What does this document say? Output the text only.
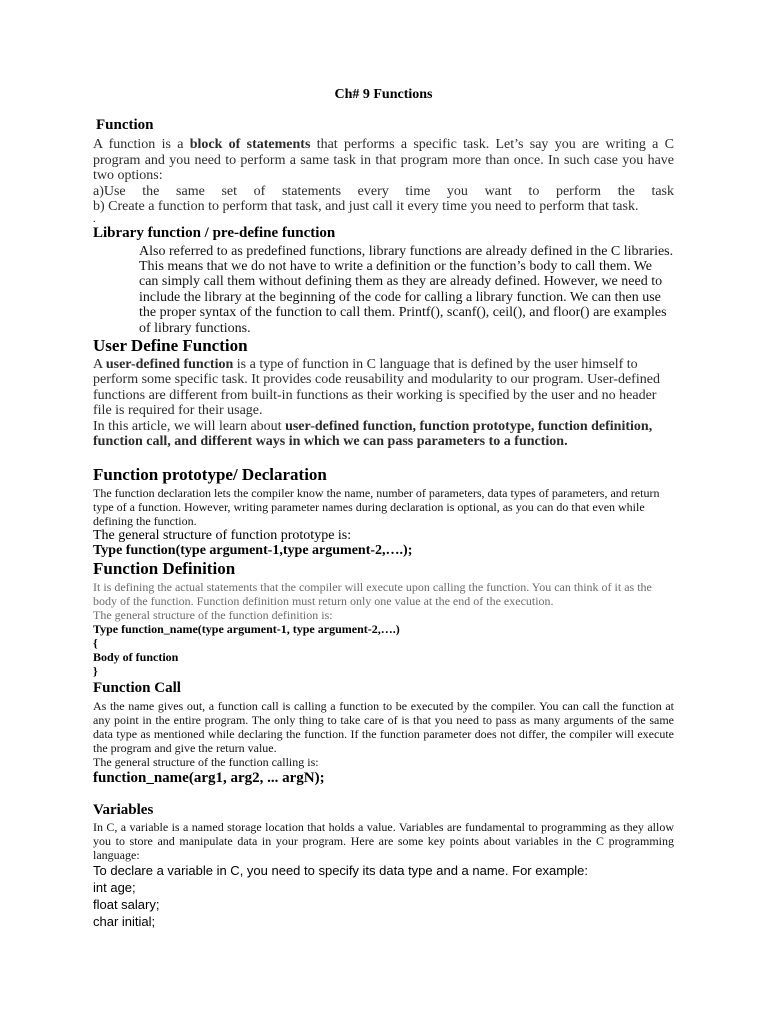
Ch# 9 Functions
Function

A function is a block of statements that performs a specific task. Let’s say you are writing a C program and you need to perform a same task in that program more than once. In such case you have two options:

a)Use the same set of statements every time you want to perform the task

b) Create a function to perform that task, and just call it every time you need to perform that task.

.

Library function / pre-define function

Also referred to as predefined functions, library functions are already defined in the C libraries. This means that we do not have to write a definition or the function’s body to call them. We can simply call them without defining them as they are already defined. However, we need to include the library at the beginning of the code for calling a library function. We can then use the proper syntax of the function to call them. Printf(), scanf(), ceil(), and floor() are examples of library functions.

User Define Function

A user-defined function is a type of function in C language that is defined by the user himself to perform some specific task. It provides code reusability and modularity to our program. User-defined functions are different from built-in functions as their working is specified by the user and no header file is required for their usage.

In this article, we will learn about user-defined function, function prototype, function definition, function call, and different ways in which we can pass parameters to a function.

Function prototype/ Declaration

The function declaration lets the compiler know the name, number of parameters, data types of parameters, and return type of a function. However, writing parameter names during declaration is optional, as you can do that even while defining the function.

The general structure of function prototype is:

Type function(type argument-1,type argument-2,….);

Function Definition

It is defining the actual statements that the compiler will execute upon calling the function. You can think of it as the body of the function. Function definition must return only one value at the end of the execution.

The general structure of the function definition is:

Type function_name(type argument-1, type argument-2,….)

{

Body of function

}

Function Call

As the name gives out, a function call is calling a function to be executed by the compiler. You can call the function at any point in the entire program. The only thing to take care of is that you need to pass as many arguments of the same data type as mentioned while declaring the function. If the function parameter does not differ, the compiler will execute the program and give the return value.

The general structure of the function calling is:

function_name(arg1, arg2, ... argN);

Variables

In C, a variable is a named storage location that holds a value. Variables are fundamental to programming as they allow you to store and manipulate data in your program. Here are some key points about variables in the C programming language:

To declare a variable in C, you need to specify its data type and a name. For example:

int age;

float salary;

char initial;
